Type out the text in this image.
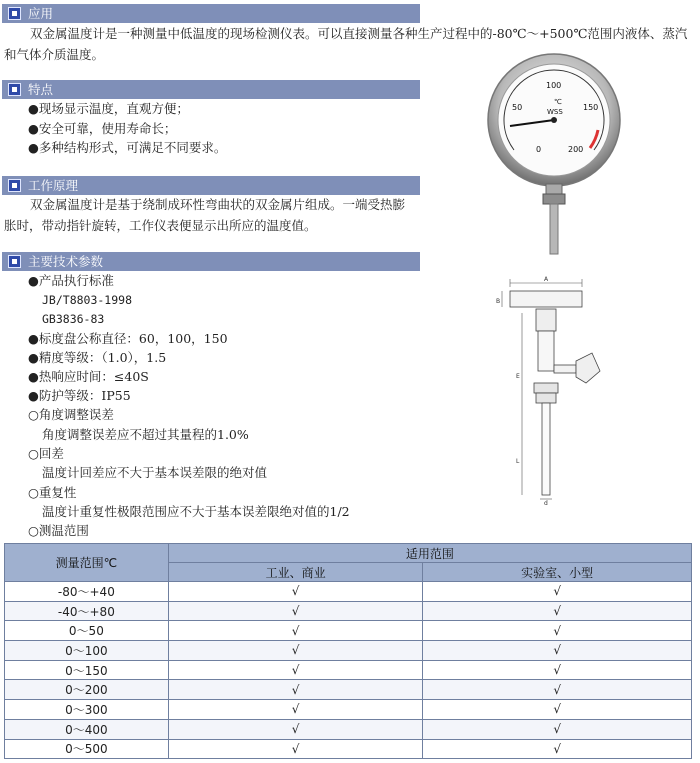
应用
双金属温度计是一种测量中低温度的现场检测仪表。可以直接测量各种生产过程中的-80℃～+500℃范围内液体、蒸汽和气体介质温度。
特点
●现场显示温度，直观方便；
●安全可靠，使用寿命长；
●多种结构形式，可满足不同要求。
工作原理
双金属温度计是基于绕制成环性弯曲状的双金属片组成。一端受热膨胀时，带动指针旋转，工作仪表便显示出所应的温度值。
主要技术参数
●产品执行标准
JB/T8803-1998
GB3836-83
●标度盘公称直径：60，100，150
●精度等级：（1.0），1.5
●热响应时间：≤40S
●防护等级：IP55
○角度调整误差
角度调整误差应不超过其量程的1.0%
○回差
温度计回差应不大于基本误差限的绝对值
○重复性
温度计重复性极限范围应不大于基本误差限绝对值的1/2
○测温范围
0
50
100
150
200
℃
WSS
A
B
E
L
d
测量范围℃	适用范围	
	工业、商业	实验室、小型
-80～+40	√	√
-40～+80	√	√
0～50	√	√
0～100	√	√
0～150	√	√
0～200	√	√
0～300	√	√
0～400	√	√
0～500	√	√
